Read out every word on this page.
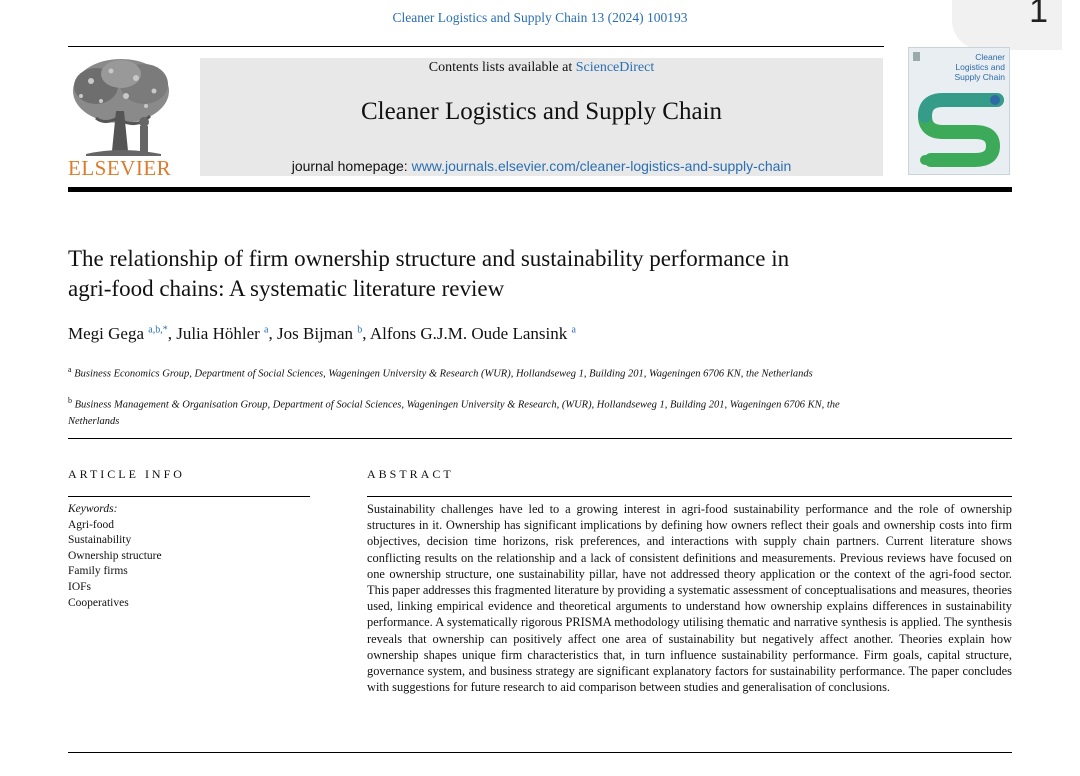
1
Cleaner Logistics and Supply Chain 13 (2024) 100193
ELSEVIER
Contents lists available at ScienceDirect
Cleaner Logistics and Supply Chain
journal homepage: www.journals.elsevier.com/cleaner-logistics-and-supply-chain
Cleaner
Logistics and
Supply Chain
The relationship of firm ownership structure and sustainability performance in agri-food chains: A systematic literature review
Megi Gega $^{a,b,*}$, Julia Höhler $^a$, Jos Bijman $^b$, Alfons G.J.M. Oude Lansink $^a$
$^a$ Business Economics Group, Department of Social Sciences, Wageningen University & Research (WUR), Hollandseweg 1, Building 201, Wageningen 6706 KN, the Netherlands
$^b$ Business Management & Organisation Group, Department of Social Sciences, Wageningen University & Research, (WUR), Hollandseweg 1, Building 201, Wageningen 6706 KN, the Netherlands
ARTICLE INFO	ABSTRACT
Keywords:
Agri-food
Sustainability
Ownership structure
Family firms
IOFs
Cooperatives
Sustainability challenges have led to a growing interest in agri-food sustainability performance and the role of ownership structures in it. Ownership has significant implications by defining how owners reflect their goals and ownership costs into firm objectives, decision time horizons, risk preferences, and interactions with supply chain partners. Current literature shows conflicting results on the relationship and a lack of consistent definitions and measurements. Previous reviews have focused on one ownership structure, one sustainability pillar, have not addressed theory application or the context of the agri-food sector. This paper addresses this fragmented literature by providing a systematic assessment of conceptualisations and measures, theories used, linking empirical evidence and theoretical arguments to understand how ownership explains differences in sustainability performance. A systematically rigorous PRISMA methodology utilising thematic and narrative synthesis is applied. The synthesis reveals that ownership can positively affect one area of sustainability but negatively affect another. Theories explain how ownership shapes unique firm characteristics that, in turn influence sustainability performance. Firm goals, capital structure, governance system, and business strategy are significant explanatory factors for sustainability performance. The paper concludes with suggestions for future research to aid comparison between studies and generalisation of conclusions.
